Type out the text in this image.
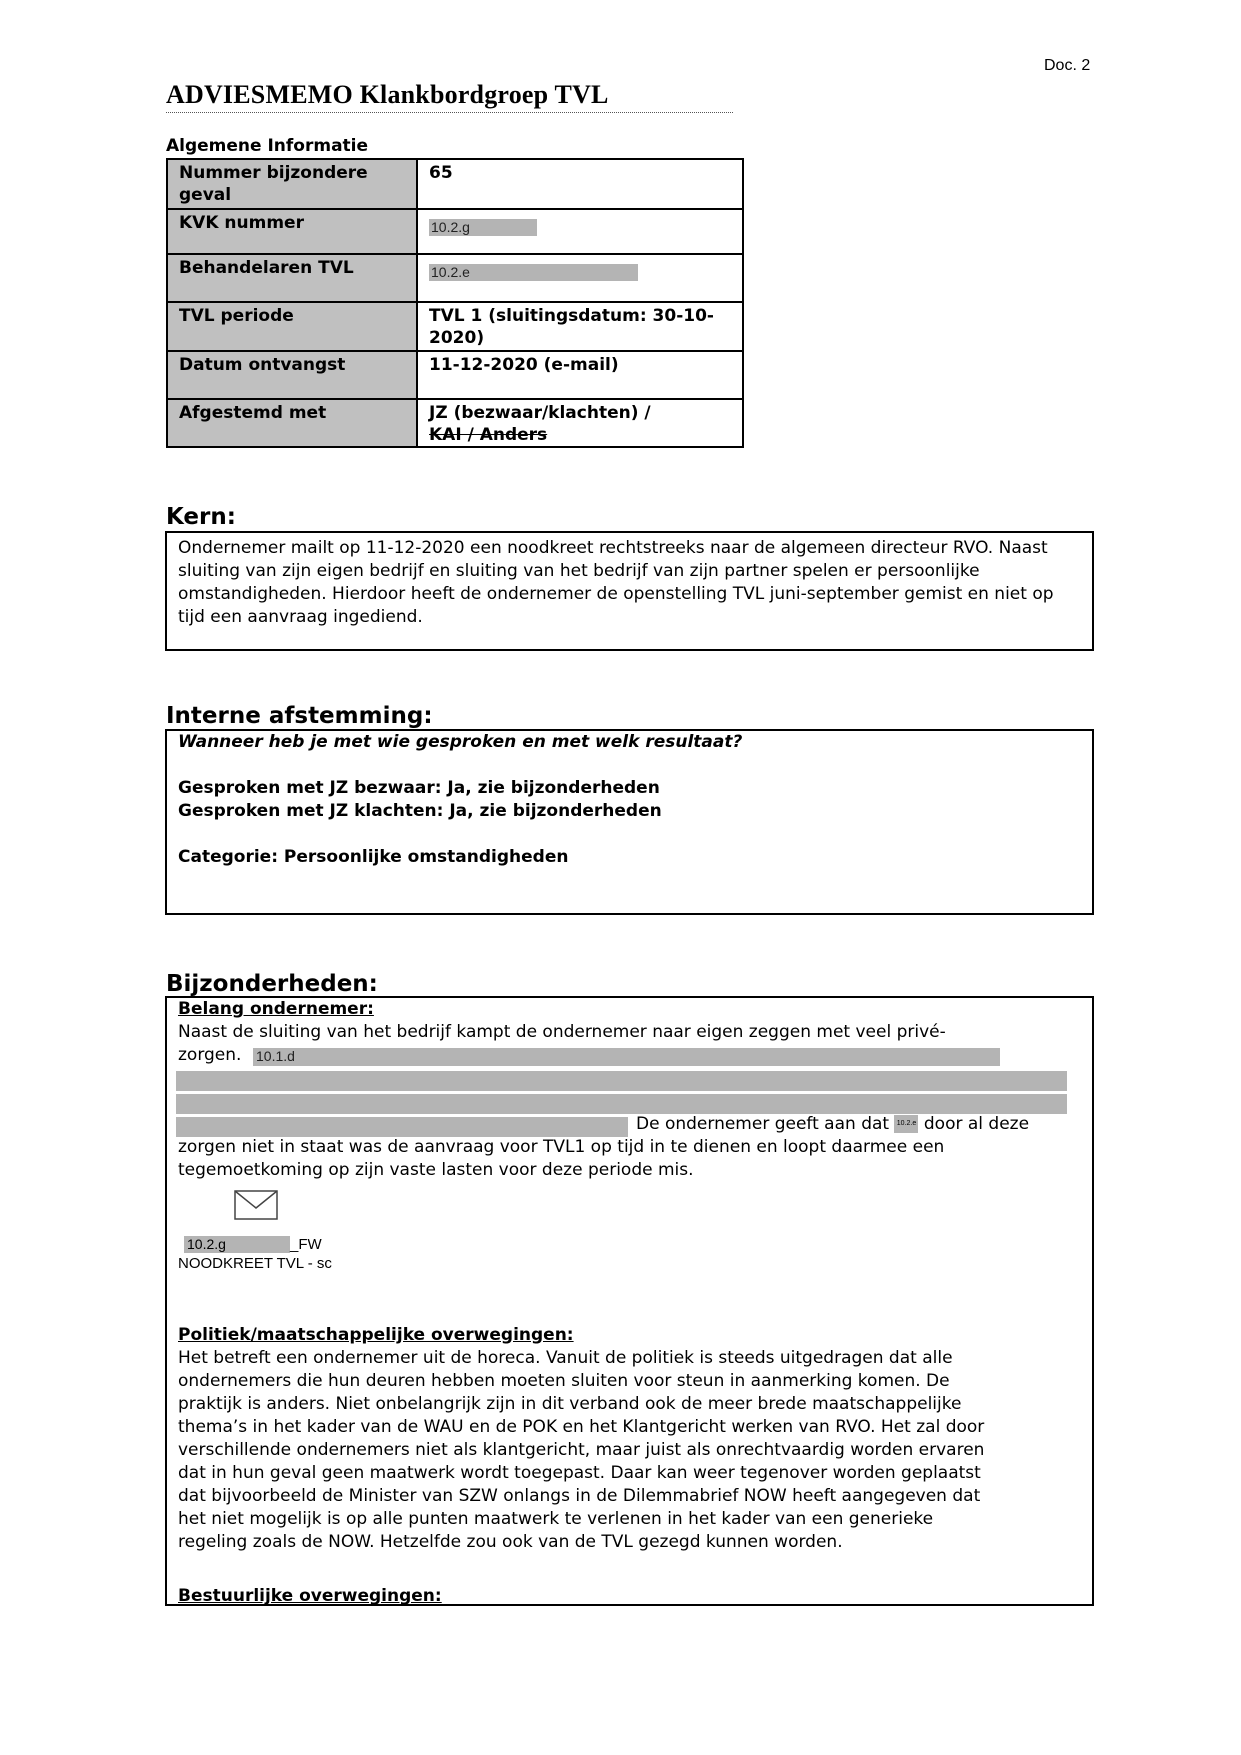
Doc. 2
ADVIESMEMO Klankbordgroep TVL
Algemene Informatie
Nummer bijzondere geval	65
KVK nummer	10.2.g
Behandelaren TVL	10.2.e
TVL periode	TVL 1 (sluitingsdatum: 30-10-2020)
Datum ontvangst	11-12-2020 (e-mail)
Afgestemd met	JZ (bezwaar/klachten) /
KAI / Anders
Kern:

Ondernemer mailt op 11-12-2020 een noodkreet rechtstreeks naar de algemeen directeur RVO. Naast sluiting van zijn eigen bedrijf en sluiting van het bedrijf van zijn partner spelen er persoonlijke omstandigheden. Hierdoor heeft de ondernemer de openstelling TVL juni-september gemist en niet op tijd een aanvraag ingediend.

Interne afstemming:

Wanneer heb je met wie gesproken en met welk resultaat?

Gesproken met JZ bezwaar: Ja, zie bijzonderheden

Gesproken met JZ klachten: Ja, zie bijzonderheden

Categorie: Persoonlijke omstandigheden

Bijzonderheden:
Belang ondernemer:
Naast de sluiting van het bedrijf kampt de ondernemer naar eigen zeggen met veel privé-
zorgen. 10.1.d
De ondernemer geeft aan dat 10.2.e door al deze
zorgen niet in staat was de aanvraag voor TVL1 op tijd in te dienen en loopt daarmee een
tegemoetkoming op zijn vaste lasten voor deze periode mis.
10.2.g	_FW
NOODKREET TVL - sc
Politiek/maatschappelijke overwegingen:

Het betreft een ondernemer uit de horeca. Vanuit de politiek is steeds uitgedragen dat alle

ondernemers die hun deuren hebben moeten sluiten voor steun in aanmerking komen. De

praktijk is anders. Niet onbelangrijk zijn in dit verband ook de meer brede maatschappelijke

thema’s in het kader van de WAU en de POK en het Klantgericht werken van RVO. Het zal door

verschillende ondernemers niet als klantgericht, maar juist als onrechtvaardig worden ervaren

dat in hun geval geen maatwerk wordt toegepast. Daar kan weer tegenover worden geplaatst

dat bijvoorbeeld de Minister van SZW onlangs in de Dilemmabrief NOW heeft aangegeven dat

het niet mogelijk is op alle punten maatwerk te verlenen in het kader van een generieke

regeling zoals de NOW. Hetzelfde zou ook van de TVL gezegd kunnen worden.

Bestuurlijke overwegingen:
